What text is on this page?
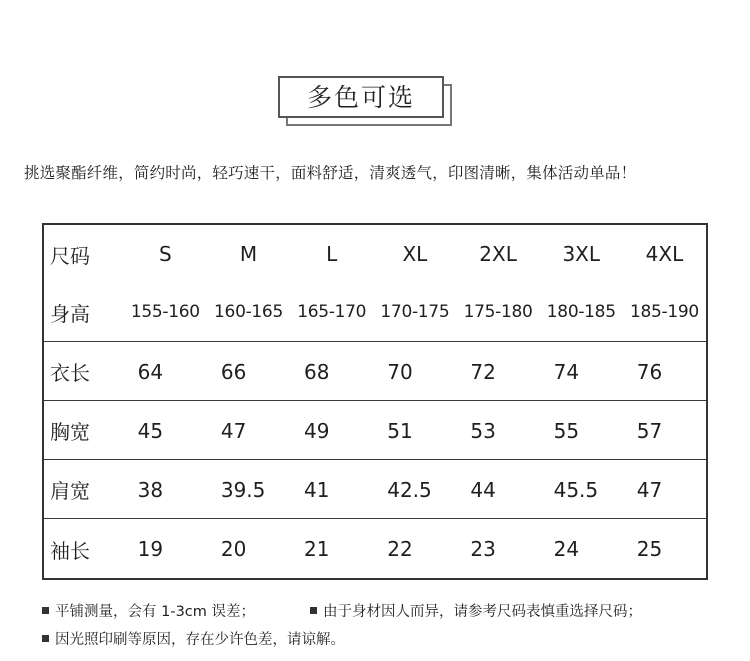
多色可选
挑选聚酯纤维，简约时尚，轻巧速干，面料舒适，清爽透气，印图清晰，集体活动单品！
尺码	S	M	L	XL	2XL	3XL	4XL
身高	155-160 160-165 165-170 170-175 175-180 180-185 185-190
衣长	64	66	68	70	72	74	76
胸宽	45	47	49	51	53	55	57
肩宽	38	39.5	41	42.5	44	45.5	47
袖长	19	20	21	22	23	24	25
平铺测量，会有 1-3cm 误差；	由于身材因人而异，请参考尺码表慎重选择尺码；
因光照印刷等原因，存在少许色差，请谅解。
